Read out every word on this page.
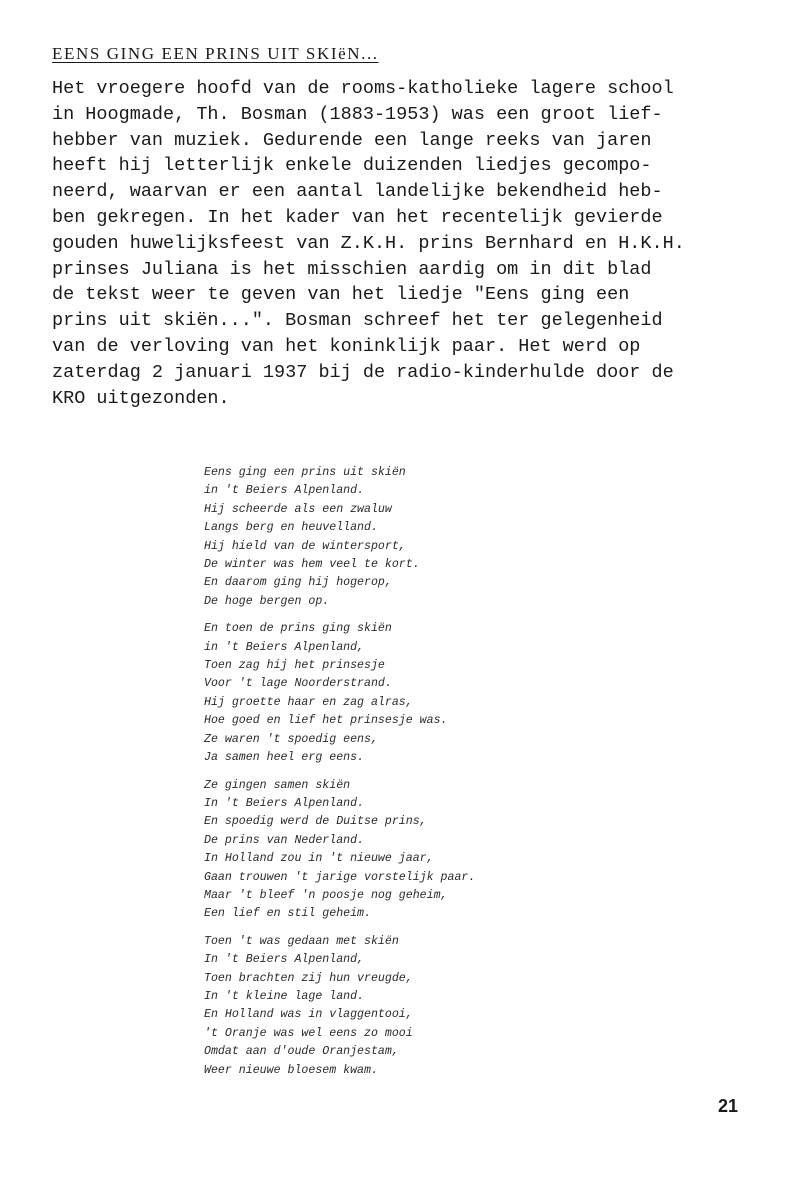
EENS GING EEN PRINS UIT SKIëN...
Het vroegere hoofd van de rooms-katholieke lagere school
in Hoogmade, Th. Bosman (1883-1953) was een groot lief-
hebber van muziek. Gedurende een lange reeks van jaren
heeft hij letterlijk enkele duizenden liedjes gecompo-
neerd, waarvan er een aantal landelijke bekendheid heb-
ben gekregen. In het kader van het recentelijk gevierde
gouden huwelijksfeest van Z.K.H. prins Bernhard en H.K.H.
prinses Juliana is het misschien aardig om in dit blad
de tekst weer te geven van het liedje "Eens ging een
prins uit skiën...". Bosman schreef het ter gelegenheid
van de verloving van het koninklijk paar. Het werd op
zaterdag 2 januari 1937 bij de radio-kinderhulde door de
KRO uitgezonden.
Eens ging een prins uit skiën
in 't Beiers Alpenland.
Hij scheerde als een zwaluw
Langs berg en heuvelland.
Hij hield van de wintersport,
De winter was hem veel te kort.
En daarom ging hij hogerop,
De hoge bergen op.
En toen de prins ging skiën
in 't Beiers Alpenland,
Toen zag hij het prinsesje
Voor 't lage Noorderstrand.
Hij groette haar en zag alras,
Hoe goed en lief het prinsesje was.
Ze waren 't spoedig eens,
Ja samen heel erg eens.
Ze gingen samen skiën
In 't Beiers Alpenland.
En spoedig werd de Duitse prins,
De prins van Nederland.
In Holland zou in 't nieuwe jaar,
Gaan trouwen 't jarige vorstelijk paar.
Maar 't bleef 'n poosje nog geheim,
Een lief en stil geheim.
Toen 't was gedaan met skiën
In 't Beiers Alpenland,
Toen brachten zij hun vreugde,
In 't kleine lage land.
En Holland was in vlaggentooi,
't Oranje was wel eens zo mooi
Omdat aan d'oude Oranjestam,
Weer nieuwe bloesem kwam.
21
